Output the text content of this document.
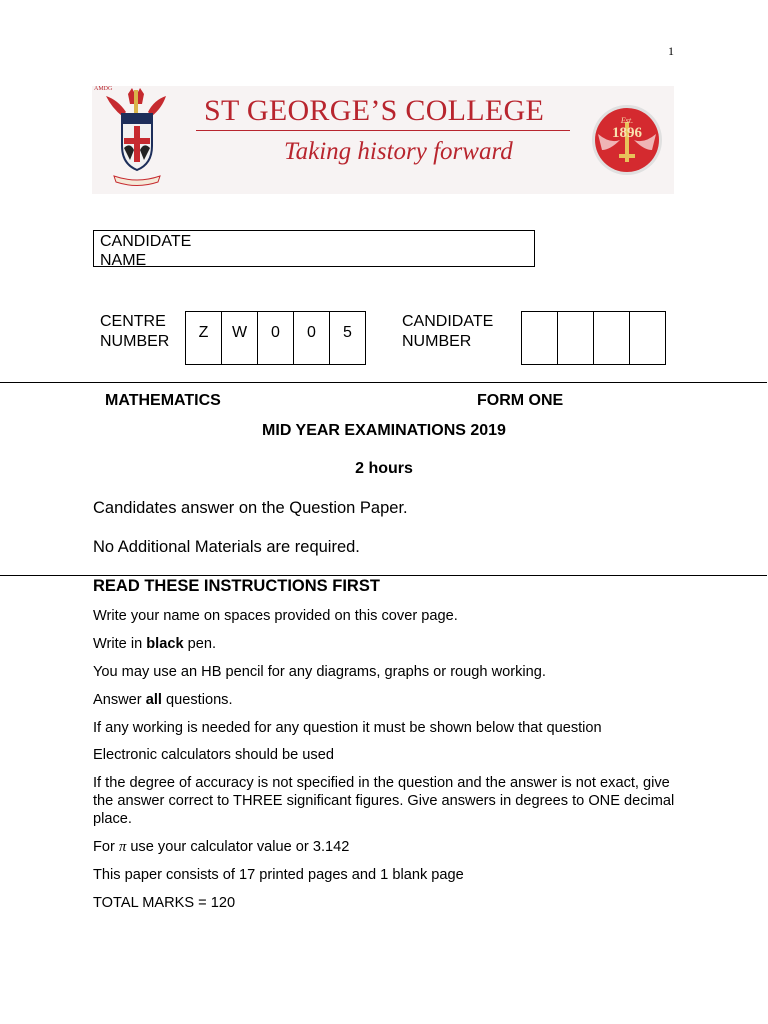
1
AMDG
ST GEORGE’S COLLEGE
Taking history forward
Est.
1896
CANDIDATE NAME
CENTRE
NUMBER
Z	W	0	0	5
CANDIDATE
NUMBER
MATHEMATICS	FORM ONE
MID YEAR EXAMINATIONS 2019
2 hours
Candidates answer on the Question Paper.
No Additional Materials are required.
READ THESE INSTRUCTIONS FIRST
Write your name on spaces provided on this cover page.
Write in black pen.
You may use an HB pencil for any diagrams, graphs or rough working.
Answer all questions.
If any working is needed for any question it must be shown below that question
Electronic calculators should be used
If the degree of accuracy is not specified in the question and the answer is not exact, give the answer correct to THREE significant figures. Give answers in degrees to ONE decimal place.
For π use your calculator value or 3.142
This paper consists of 17 printed pages and 1 blank page
TOTAL MARKS = 120
